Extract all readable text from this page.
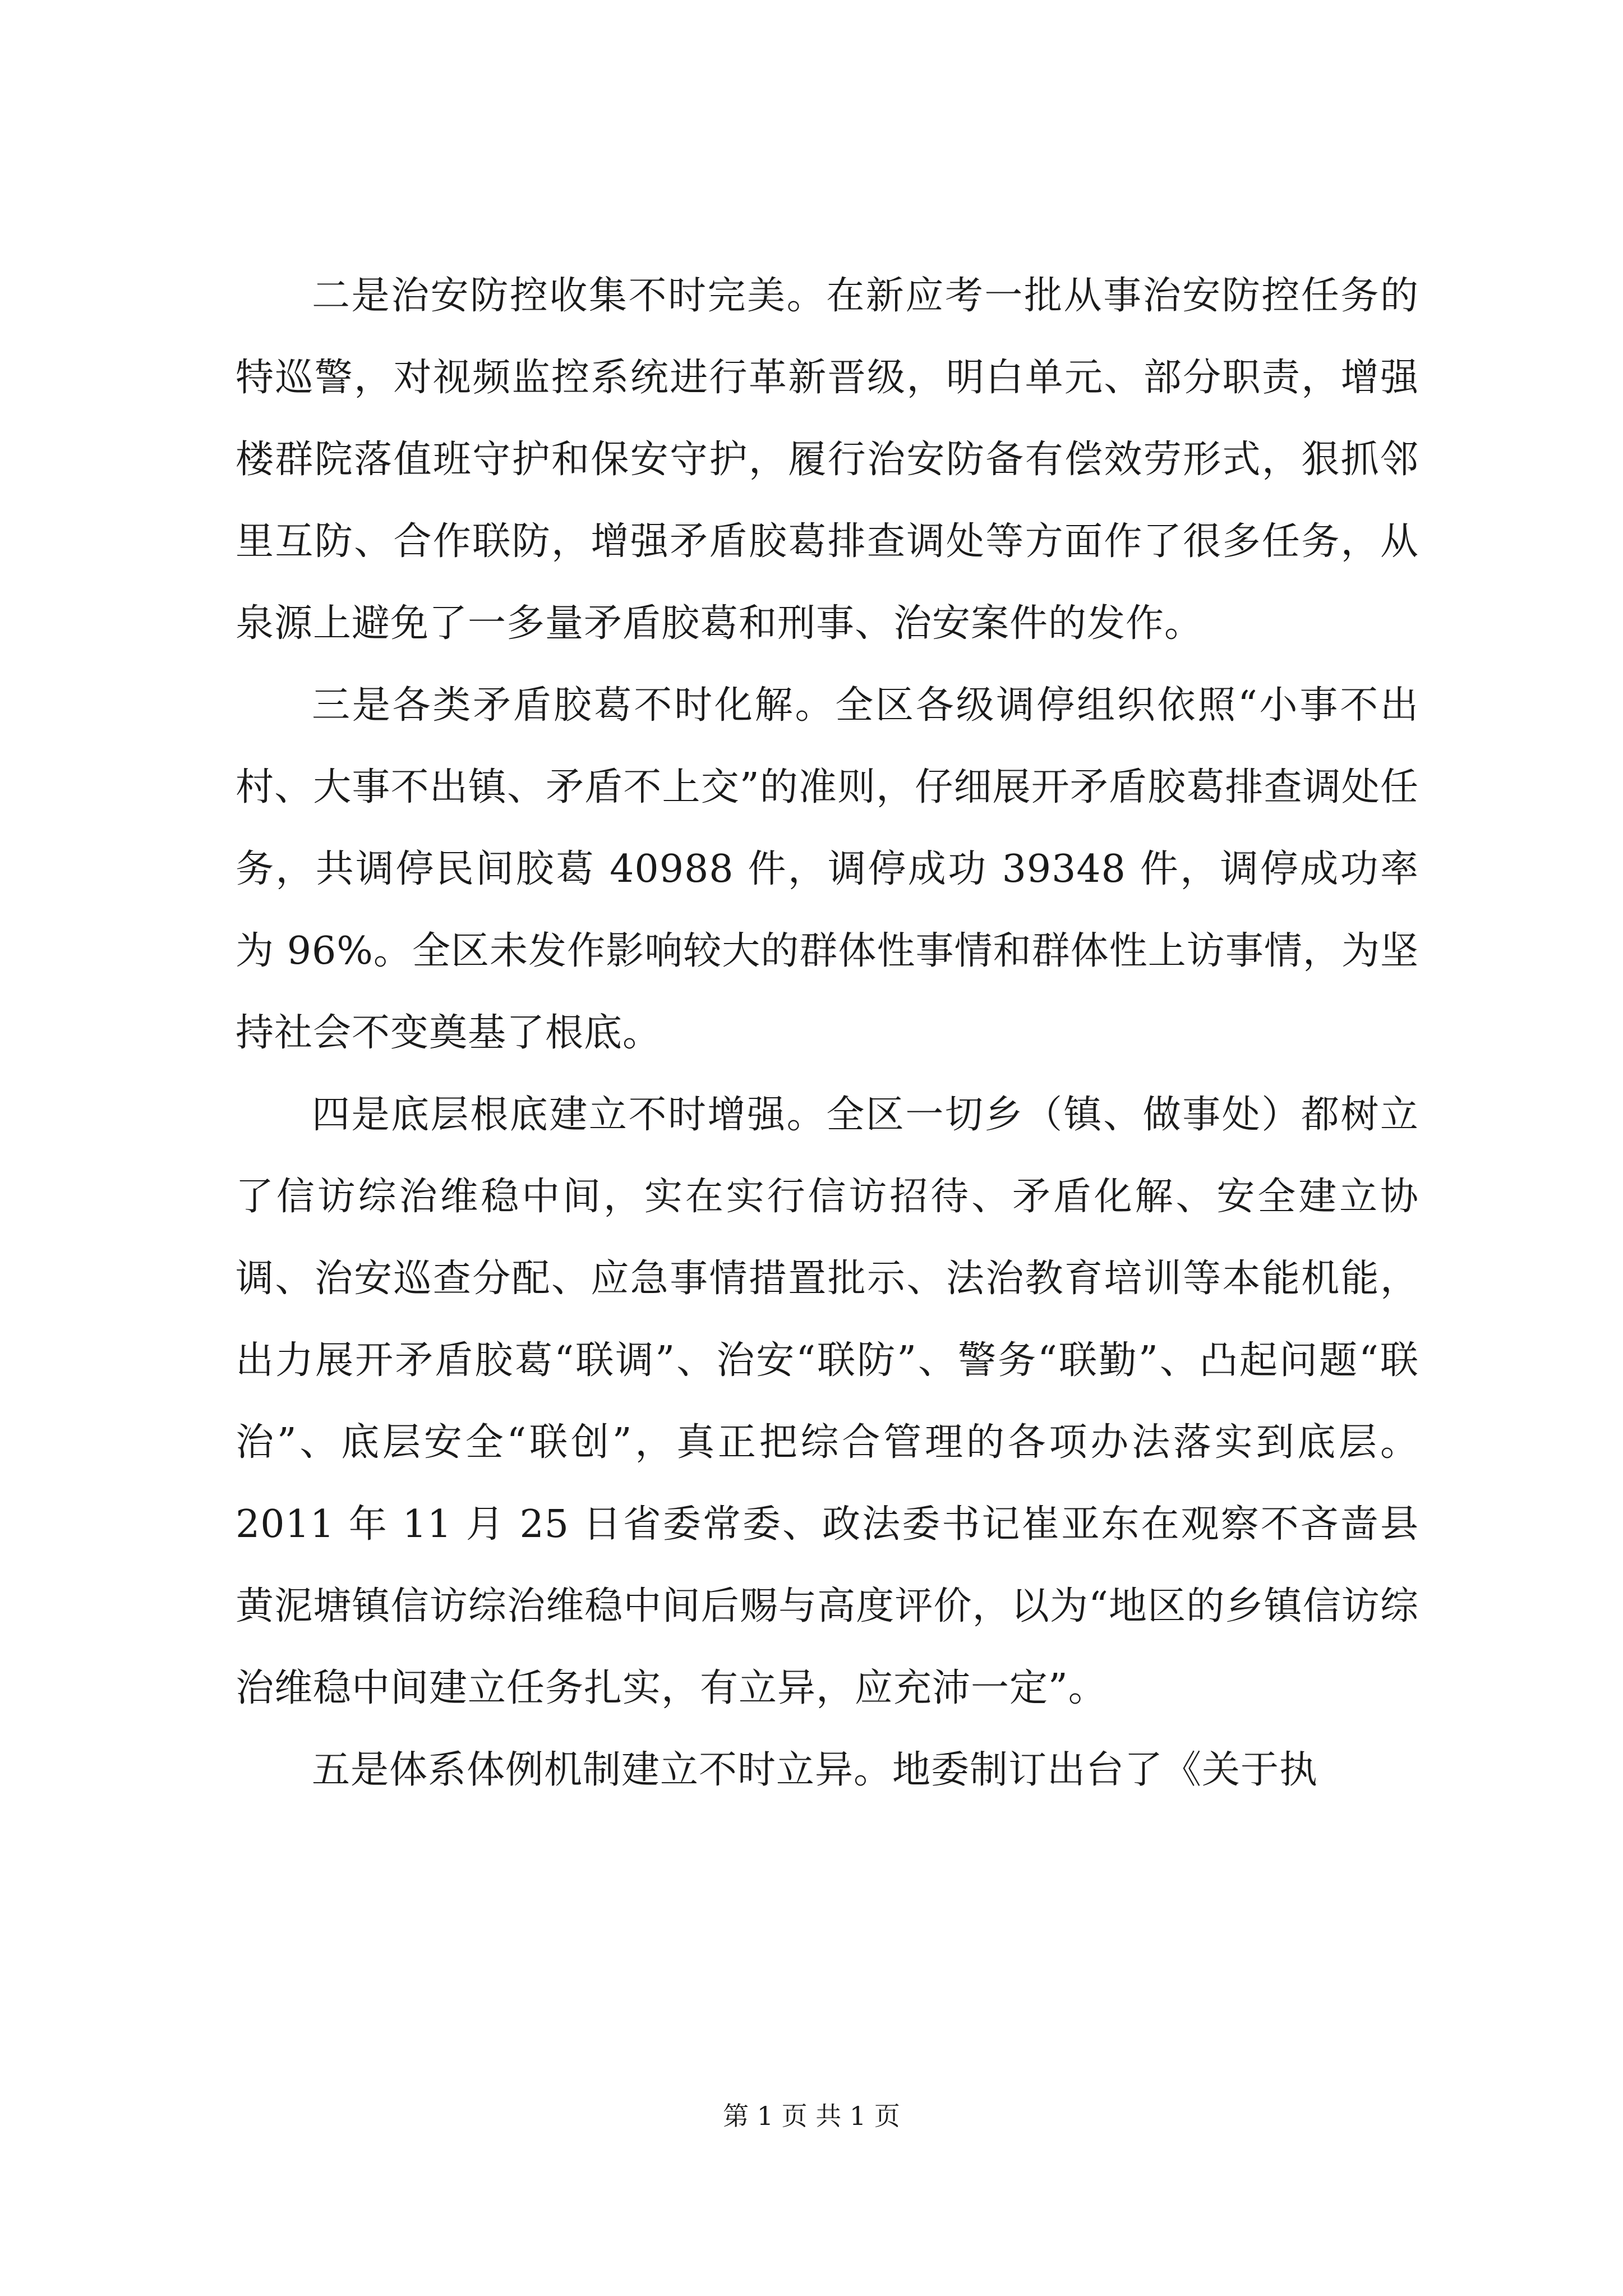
二是治安防控收集不时完美。在新应考一批从事治安防控任务的特巡警，对视频监控系统进行革新晋级，明白单元、部分职责，增强楼群院落值班守护和保安守护，履行治安防备有偿效劳形式，狠抓邻里互防、合作联防，增强矛盾胶葛排查调处等方面作了很多任务，从泉源上避免了一多量矛盾胶葛和刑事、治安案件的发作。

三是各类矛盾胶葛不时化解。全区各级调停组织依照“小事不出村、大事不出镇、矛盾不上交”的准则，仔细展开矛盾胶葛排查调处任务，共调停民间胶葛 40988 件，调停成功 39348 件，调停成功率为 96%。全区未发作影响较大的群体性事情和群体性上访事情，为坚持社会不变奠基了根底。

四是底层根底建立不时增强。全区一切乡（镇、做事处）都树立了信访综治维稳中间，实在实行信访招待、矛盾化解、安全建立协调、治安巡查分配、应急事情措置批示、法治教育培训等本能机能，出力展开矛盾胶葛“联调”、治安“联防”、警务“联勤”、凸起问题“联治”、底层安全“联创”，真正把综合管理的各项办法落实到底层。2011 年 11 月 25 日省委常委、政法委书记崔亚东在观察不吝啬县黄泥塘镇信访综治维稳中间后赐与高度评价，以为“地区的乡镇信访综治维稳中间建立任务扎实，有立异，应充沛一定”。

五是体系体例机制建立不时立异。地委制订出台了《关于执

第 1 页 共 1 页
